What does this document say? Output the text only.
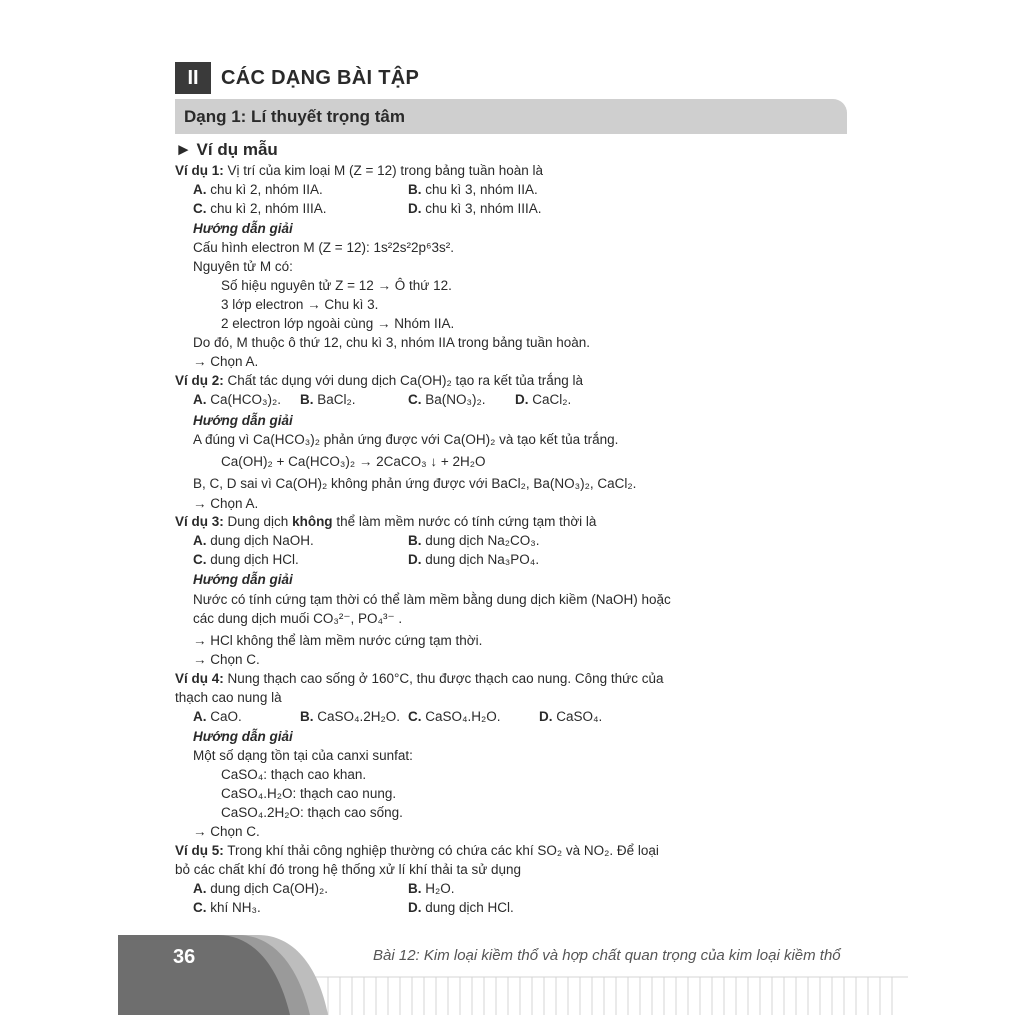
II	CÁC DẠNG BÀI TẬP
Dạng 1: Lí thuyết trọng tâm
► Ví dụ mẫu
Ví dụ 1: Vị trí của kim loại M (Z = 12) trong bảng tuần hoàn là
A. chu kì 2, nhóm IIA.	B. chu kì 3, nhóm IIA.
C. chu kì 2, nhóm IIIA.	D. chu kì 3, nhóm IIIA.
Hướng dẫn giải
Cấu hình electron M (Z = 12): 1s²2s²2p⁶3s².
Nguyên tử M có:
Số hiệu nguyên tử Z = 12 → Ô thứ 12.
3 lớp electron → Chu kì 3.
2 electron lớp ngoài cùng → Nhóm IIA.
Do đó, M thuộc ô thứ 12, chu kì 3, nhóm IIA trong bảng tuần hoàn.
→ Chọn A.
Ví dụ 2: Chất tác dụng với dung dịch Ca(OH)₂ tạo ra kết tủa trắng là
A. Ca(HCO₃)₂. B. BaCl₂.	C. Ba(NO₃)₂. D. CaCl₂.
Hướng dẫn giải
A đúng vì Ca(HCO₃)₂ phản ứng được với Ca(OH)₂ và tạo kết tủa trắng.
Ca(OH)₂ + Ca(HCO₃)₂ → 2CaCO₃ ↓ + 2H₂O
B, C, D sai vì Ca(OH)₂ không phản ứng được với BaCl₂, Ba(NO₃)₂, CaCl₂.
→ Chọn A.
Ví dụ 3: Dung dịch không thể làm mềm nước có tính cứng tạm thời là
A. dung dịch NaOH.	B. dung dịch Na₂CO₃.
C. dung dịch HCl.	D. dung dịch Na₃PO₄.
Hướng dẫn giải
Nước có tính cứng tạm thời có thể làm mềm bằng dung dịch kiềm (NaOH) hoặc
các dung dịch muối CO₃²⁻, PO₄³⁻ .
→ HCl không thể làm mềm nước cứng tạm thời.
→ Chọn C.
Ví dụ 4: Nung thạch cao sống ở 160°C, thu được thạch cao nung. Công thức của
thạch cao nung là
A. CaO.	B. CaSO₄.2H₂O. C. CaSO₄.H₂O.	D. CaSO₄.
Hướng dẫn giải
Một số dạng tồn tại của canxi sunfat:
CaSO₄: thạch cao khan.
CaSO₄.H₂O: thạch cao nung.
CaSO₄.2H₂O: thạch cao sống.
→ Chọn C.
Ví dụ 5: Trong khí thải công nghiệp thường có chứa các khí SO₂ và NO₂. Để loại
bỏ các chất khí đó trong hệ thống xử lí khí thải ta sử dụng
A. dung dịch Ca(OH)₂.	B. H₂O.
C. khí NH₃.	D. dung dịch HCl.
36	Bài 12: Kim loại kiềm thổ và hợp chất quan trọng của kim loại kiềm thổ
